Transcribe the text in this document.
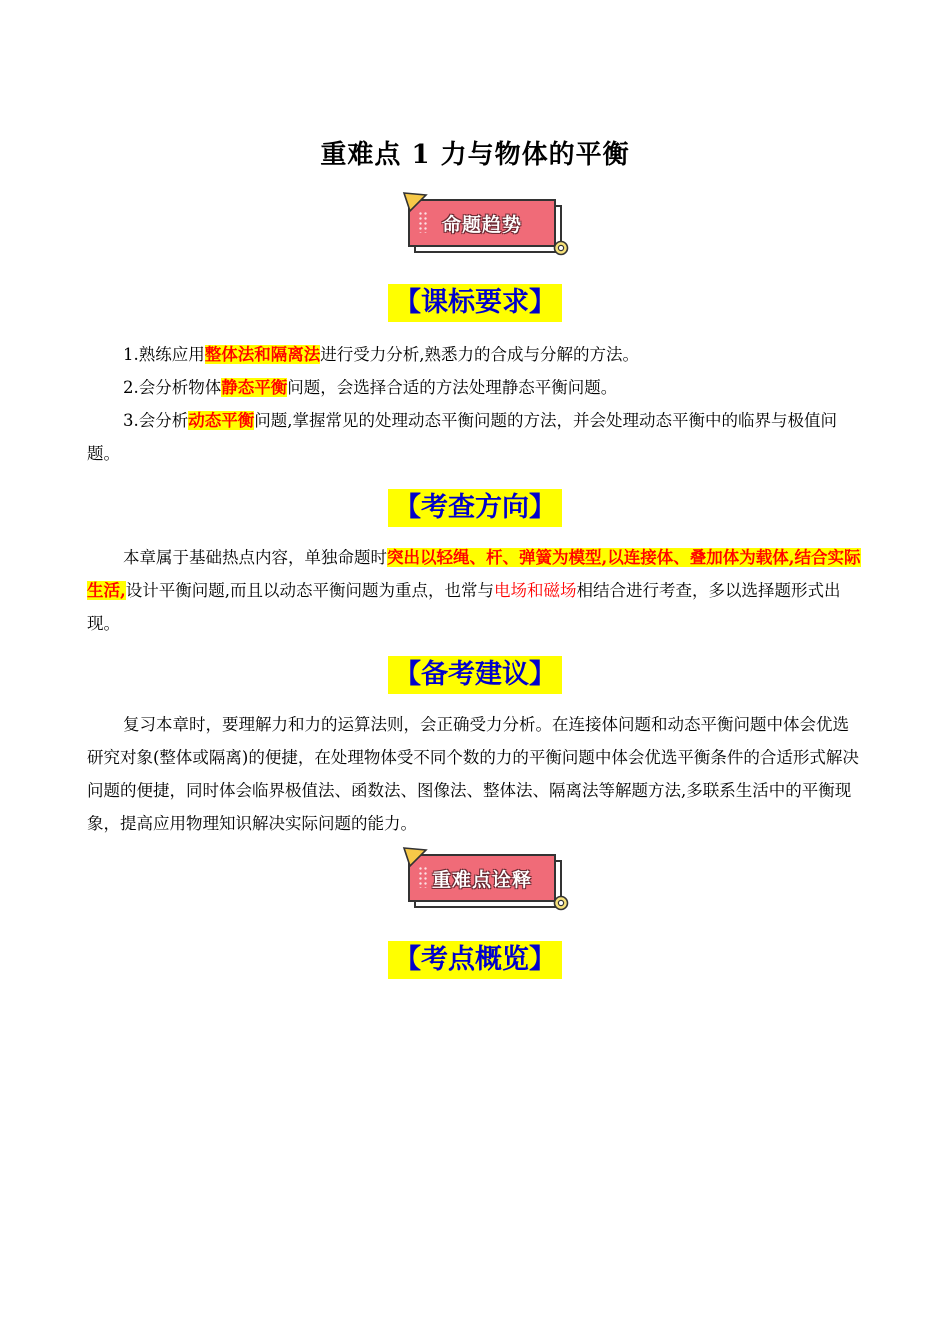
重难点 1 力与物体的平衡
命题趋势
【课标要求】

1.熟练应用整体法和隔离法进行受力分析,熟悉力的合成与分解的方法。

2.会分析物体静态平衡问题，会选择合适的方法处理静态平衡问题。

3.会分析动态平衡问题,掌握常见的处理动态平衡问题的方法，并会处理动态平衡中的临界与极值问题。

【考查方向】

本章属于基础热点内容，单独命题时突出以轻绳、杆、弹簧为模型,以连接体、叠加体为载体,结合实际生活,设计平衡问题,而且以动态平衡问题为重点，也常与电场和磁场相结合进行考查，多以选择题形式出现。

【备考建议】

复习本章时，要理解力和力的运算法则，会正确受力分析。在连接体问题和动态平衡问题中体会优选研究对象(整体或隔离)的便捷，在处理物体受不同个数的力的平衡问题中体会优选平衡条件的合适形式解决问题的便捷，同时体会临界极值法、函数法、图像法、整体法、隔离法等解题方法,多联系生活中的平衡现象，提高应用物理知识解决实际问题的能力。

重难点诠释
【考点概览】
